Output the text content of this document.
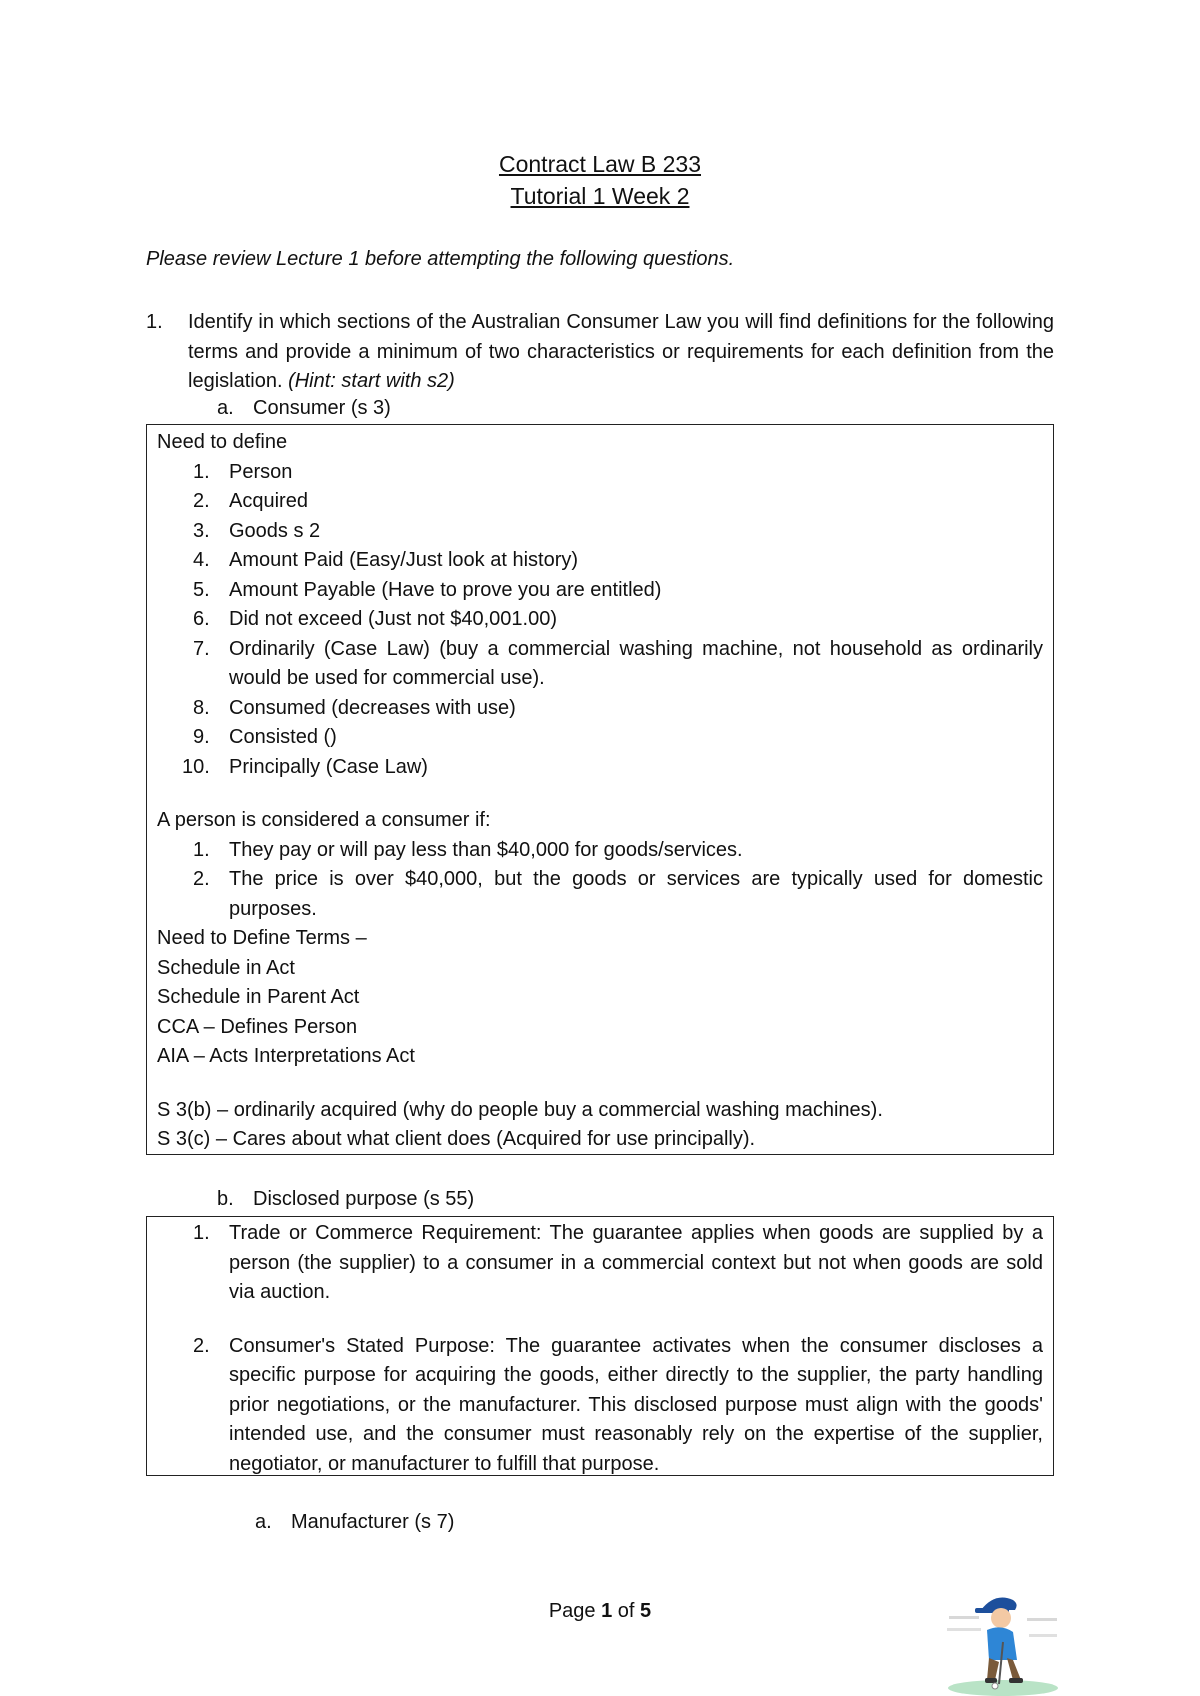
Contract Law B 233
Tutorial 1 Week 2
Please review Lecture 1 before attempting the following questions.
1. Identify in which sections of the Australian Consumer Law you will find definitions for the following terms and provide a minimum of two characteristics or requirements for each definition from the legislation. (Hint: start with s2)
a. Consumer (s 3)

Need to define

1. Person
2. Acquired
3. Goods s 2
4. Amount Paid (Easy/Just look at history)
5. Amount Payable (Have to prove you are entitled)
6. Did not exceed (Just not $40,001.00)
7. Ordinarily (Case Law) (buy a commercial washing machine, not household as ordinarily would be used for commercial use).
8. Consumed (decreases with use)
9. Consisted ()
10. Principally (Case Law)

A person is considered a consumer if:

1. They pay or will pay less than $40,000 for goods/services.
2. The price is over $40,000, but the goods or services are typically used for domestic purposes.

Need to Define Terms –

Schedule in Act

Schedule in Parent Act

CCA – Defines Person

AIA – Acts Interpretations Act

S 3(b) – ordinarily acquired (why do people buy a commercial washing machines).

S 3(c) – Cares about what client does (Acquired for use principally).

b. Disclosed purpose (s 55)
1. Trade or Commerce Requirement: The guarantee applies when goods are supplied by a person (the supplier) to a consumer in a commercial context but not when goods are sold via auction.
2. Consumer's Stated Purpose: The guarantee activates when the consumer discloses a specific purpose for acquiring the goods, either directly to the supplier, the party handling prior negotiations, or the manufacturer. This disclosed purpose must align with the goods' intended use, and the consumer must reasonably rely on the expertise of the supplier, negotiator, or manufacturer to fulfill that purpose.
a. Manufacturer (s 7)
Page 1 of 5
